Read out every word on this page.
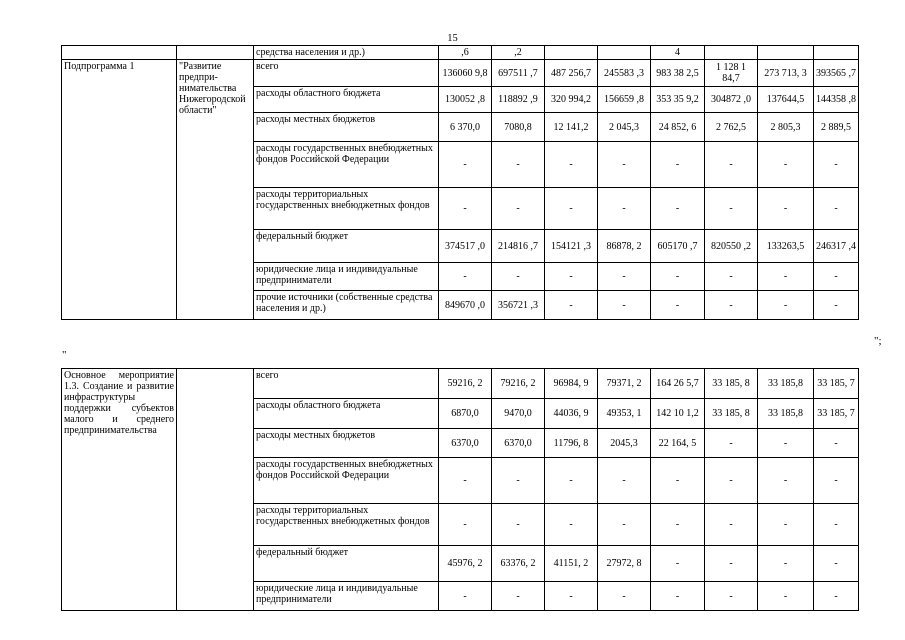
15
		средства населения и др.)	,6	,2			4			
Подпрограмма 1	"Развитие предпри-нимательства Нижегородской области"	всего	136060 9,8	697511 ,7	487 256,7	245583 ,3	983 38 2,5	1 128 1 84,7	273 713, 3	393565 ,7
		расходы областного бюджета	130052 ,8	118892 ,9	320 994,2	156659 ,8	353 35 9,2	304872 ,0	137644,5	144358 ,8
		расходы местных бюджетов	6 370,0	7080,8	12 141,2	2 045,3	24 852, 6	2 762,5	2 805,3	2 889,5
		расходы государственных внебюджетных фондов Российской Федерации	-	-	-	-	-	-	-	-
		расходы территориальных государственных внебюджетных фондов	-	-	-	-	-	-	-	-
		федеральный бюджет	374517 ,0	214816 ,7	154121 ,3	86878, 2	605170 ,7	820550 ,2	133263,5	246317 ,4
		юридические лица и индивидуальные предприниматели	-	-	-	-	-	-	-	-
		прочие источники (собственные средства населения и др.)	849670 ,0	356721 ,3	-	-	-	-	-	-
";
"
Основное мероприятие 1.3. Создание и развитие инфраструктуры поддержки субъектов малого и среднего предпринимательства		всего	59216, 2	79216, 2	96984, 9	79371, 2	164 26 5,7	33 185, 8	33 185,8	33 185, 7
		расходы областного бюджета	6870,0	9470,0	44036, 9	49353, 1	142 10 1,2	33 185, 8	33 185,8	33 185, 7
		расходы местных бюджетов	6370,0	6370,0	11796, 8	2045,3	22 164, 5	-	-	-
		расходы государственных внебюджетных фондов Российской Федерации	-	-	-	-	-	-	-	-
		расходы территориальных государственных внебюджетных фондов	-	-	-	-	-	-	-	-
		федеральный бюджет	45976, 2	63376, 2	41151, 2	27972, 8	-	-	-	-
		юридические лица и индивидуальные предприниматели	-	-	-	-	-	-	-	-
